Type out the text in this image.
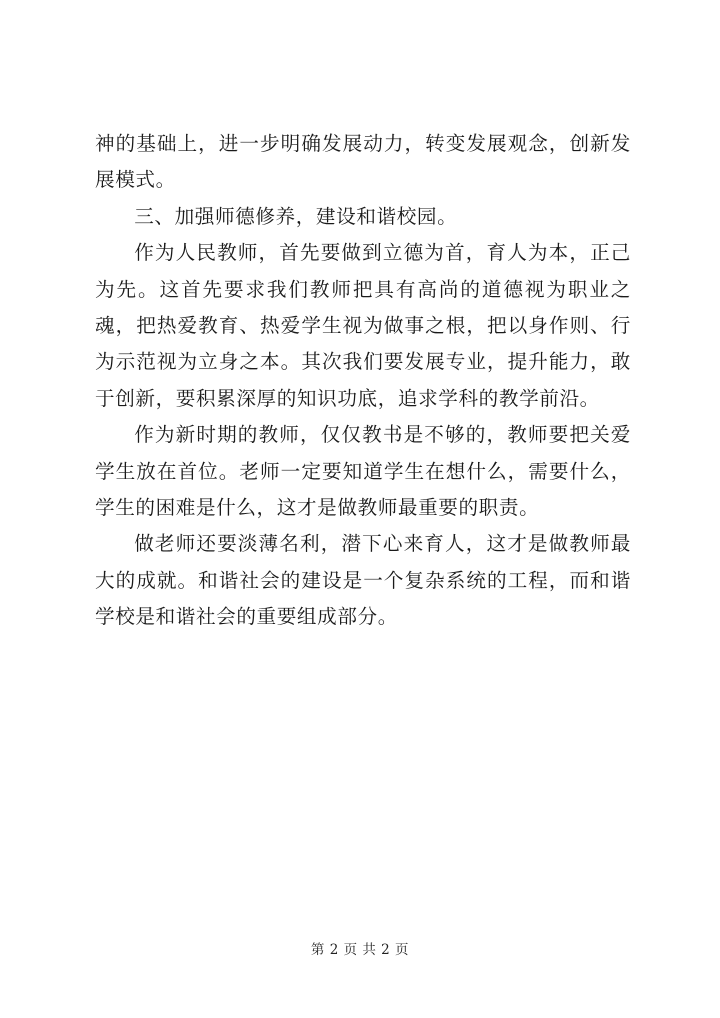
神的基础上，进一步明确发展动力，转变发展观念，创新发展模式。

三、加强师德修养，建设和谐校园。

作为人民教师，首先要做到立德为首，育人为本，正己为先。这首先要求我们教师把具有高尚的道德视为职业之魂，把热爱教育、热爱学生视为做事之根，把以身作则、行为示范视为立身之本。其次我们要发展专业，提升能力，敢于创新，要积累深厚的知识功底，追求学科的教学前沿。

作为新时期的教师，仅仅教书是不够的，教师要把关爱学生放在首位。老师一定要知道学生在想什么，需要什么，学生的困难是什么，这才是做教师最重要的职责。

做老师还要淡薄名利，潜下心来育人，这才是做教师最大的成就。和谐社会的建设是一个复杂系统的工程，而和谐学校是和谐社会的重要组成部分。

第 2 页 共 2 页
